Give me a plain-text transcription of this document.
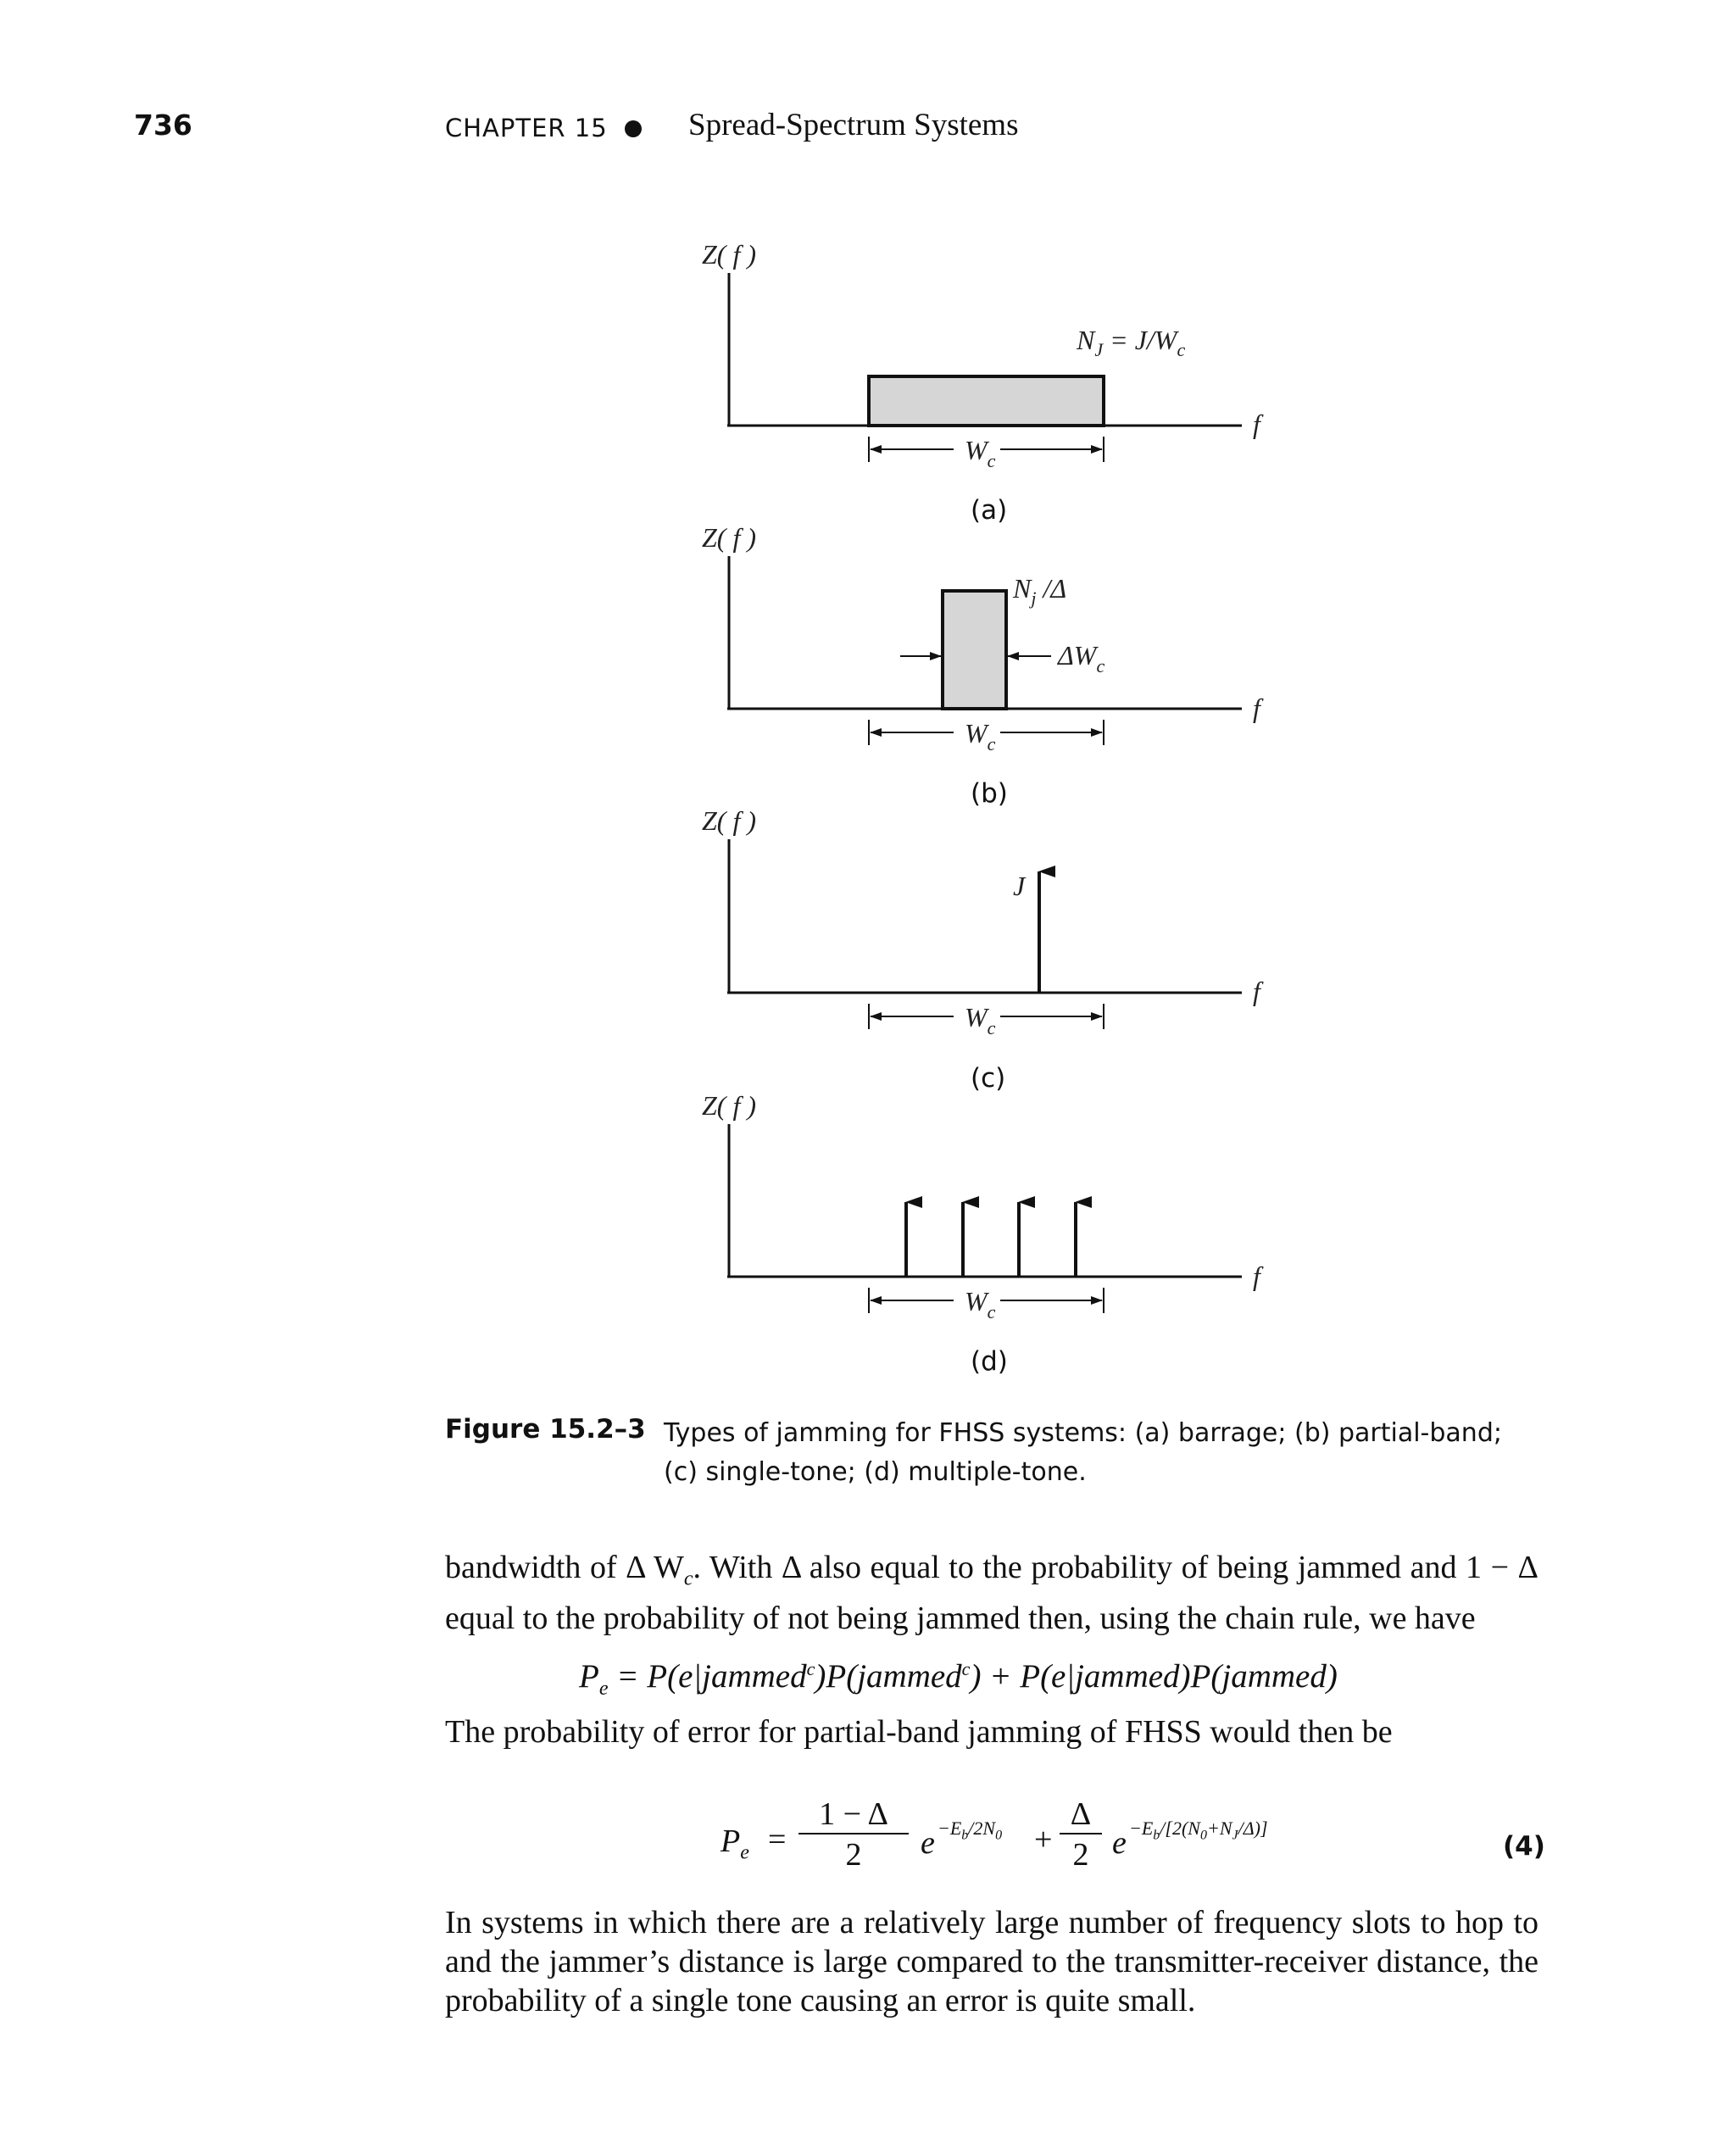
736	CHAPTER 15	Spread-Spectrum Systems
Z( f )
f
$N_J = J/W_c$
$W_c$
(a)
Z( f )
f
$N_j$ /Δ
$\Delta W_c$
$W_c$
(b)
Z( f )
f
J
$W_c$
(c)
Z( f )
f
$W_c$
(d)
Figure 15.2–3 Types of jamming for FHSS systems: (a) barrage; (b) partial-band; (c) single-tone; (d) multiple-tone.
bandwidth of Δ $W_c$. With Δ also equal to the probability of being jammed and 1 − Δ equal to the probability of not being jammed then, using the chain rule, we have
$P_e$ = P(e|jammed$^c$)P(jammed$^c$) + P(e|jammed)P(jammed)
The probability of error for partial-band jamming of FHSS would then be
$P_e = \frac{1 - \Delta}{2}$ $e -E_b/2N_0 + \frac{\Delta}{2}$ $e -E_b/[2(N_0+N_J/\Delta)]$
(4)
In systems in which there are a relatively large number of frequency slots to hop to and the jammer’s distance is large compared to the transmitter-receiver distance, the probability of a single tone causing an error is quite small.
